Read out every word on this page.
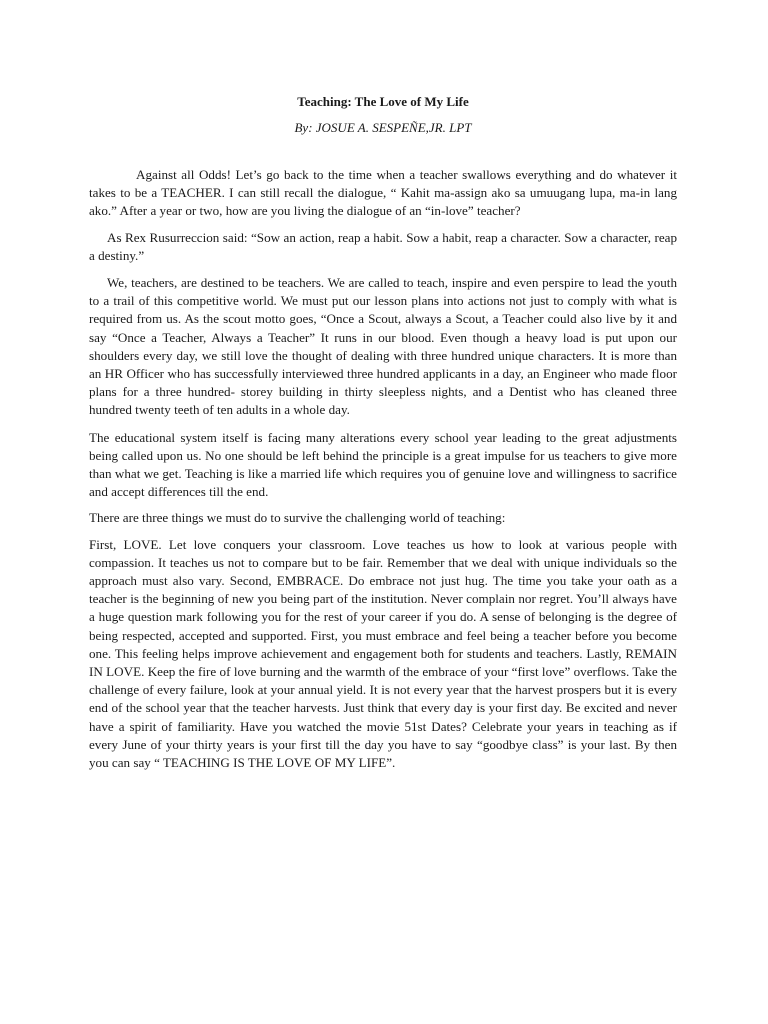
Teaching: The Love of My Life

By: JOSUE A. SESPEÑE,JR. LPT

Against all Odds! Let’s go back to the time when a teacher swallows everything and do whatever it takes to be a TEACHER. I can still recall the dialogue, “ Kahit ma-assign ako sa umuugang lupa, ma-in lang ako.” After a year or two, how are you living the dialogue of an “in-love” teacher?

As Rex Rusurreccion said: “Sow an action, reap a habit. Sow a habit, reap a character. Sow a character, reap a destiny.”

We, teachers, are destined to be teachers. We are called to teach, inspire and even perspire to lead the youth to a trail of this competitive world. We must put our lesson plans into actions not just to comply with what is required from us. As the scout motto goes, “Once a Scout, always a Scout, a Teacher could also live by it and say “Once a Teacher, Always a Teacher” It runs in our blood. Even though a heavy load is put upon our shoulders every day, we still love the thought of dealing with three hundred unique characters. It is more than an HR Officer who has successfully interviewed three hundred applicants in a day, an Engineer who made floor plans for a three hundred- storey building in thirty sleepless nights, and a Dentist who has cleaned three hundred twenty teeth of ten adults in a whole day.

The educational system itself is facing many alterations every school year leading to the great adjustments being called upon us. No one should be left behind the principle is a great impulse for us teachers to give more than what we get. Teaching is like a married life which requires you of genuine love and willingness to sacrifice and accept differences till the end.

There are three things we must do to survive the challenging world of teaching:

First, LOVE. Let love conquers your classroom. Love teaches us how to look at various people with compassion. It teaches us not to compare but to be fair. Remember that we deal with unique individuals so the approach must also vary. Second, EMBRACE. Do embrace not just hug. The time you take your oath as a teacher is the beginning of new you being part of the institution. Never complain nor regret. You’ll always have a huge question mark following you for the rest of your career if you do. A sense of belonging is the degree of being respected, accepted and supported. First, you must embrace and feel being a teacher before you become one. This feeling helps improve achievement and engagement both for students and teachers. Lastly, REMAIN IN LOVE. Keep the fire of love burning and the warmth of the embrace of your “first love” overflows. Take the challenge of every failure, look at your annual yield. It is not every year that the harvest prospers but it is every end of the school year that the teacher harvests. Just think that every day is your first day. Be excited and never have a spirit of familiarity. Have you watched the movie 51st Dates? Celebrate your years in teaching as if every June of your thirty years is your first till the day you have to say “goodbye class” is your last. By then you can say “ TEACHING IS THE LOVE OF MY LIFE”.
